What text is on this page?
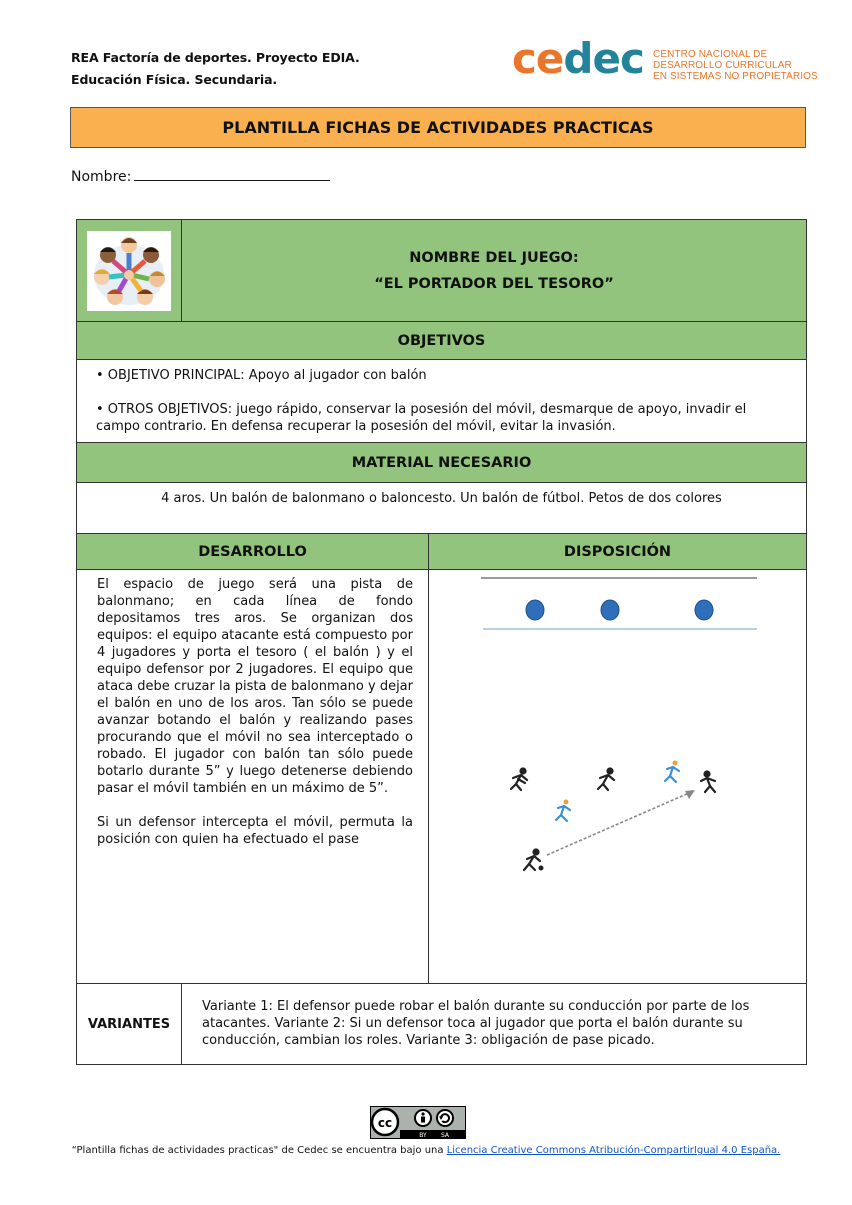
REA Factoría de deportes. Proyecto EDIA.
Educación Física. Secundaria.	cedec CENTRO NACIONAL DE
DESARROLLO CURRICULAR
EN SISTEMAS NO PROPIETARIOS
PLANTILLA FICHAS DE ACTIVIDADES PRACTICAS
Nombre:
NOMBRE DEL JUEGO:
“EL PORTADOR DEL TESORO”
OBJETIVOS

• OBJETIVO PRINCIPAL: Apoyo al jugador con balón

• OTROS OBJETIVOS: juego rápido, conservar la posesión del móvil, desmarque de apoyo, invadir el campo contrario. En defensa recuperar la posesión del móvil, evitar la invasión.

MATERIAL NECESARIO
4 aros. Un balón de balonmano o baloncesto. Un balón de fútbol. Petos de dos colores
DESARROLLO	DISPOSICIÓN

El espacio de juego será una pista de balonmano; en cada línea de fondo depositamos tres aros. Se organizan dos equipos: el equipo atacante está compuesto por 4 jugadores y porta el tesoro ( el balón ) y el equipo defensor por 2 jugadores. El equipo que ataca debe cruzar la pista de balonmano y dejar el balón en uno de los aros. Tan sólo se puede avanzar botando el balón y realizando pases procurando que el móvil no sea interceptado o robado. El jugador con balón tan sólo puede botarlo durante 5” y luego detenerse debiendo pasar el móvil también en un máximo de 5”.

Si un defensor intercepta el móvil, permuta la posición con quien ha efectuado el pase

VARIANTES
Variante 1: El defensor puede robar el balón durante su conducción por parte de los atacantes. Variante 2: Si un defensor toca al jugador que porta el balón durante su conducción, cambian los roles. Variante 3: obligación de pase picado.
cc
BY SA
“Plantilla fichas de actividades practicas" de Cedec se encuentra bajo una Licencia Creative Commons Atribución-CompartirIgual 4.0 España.
